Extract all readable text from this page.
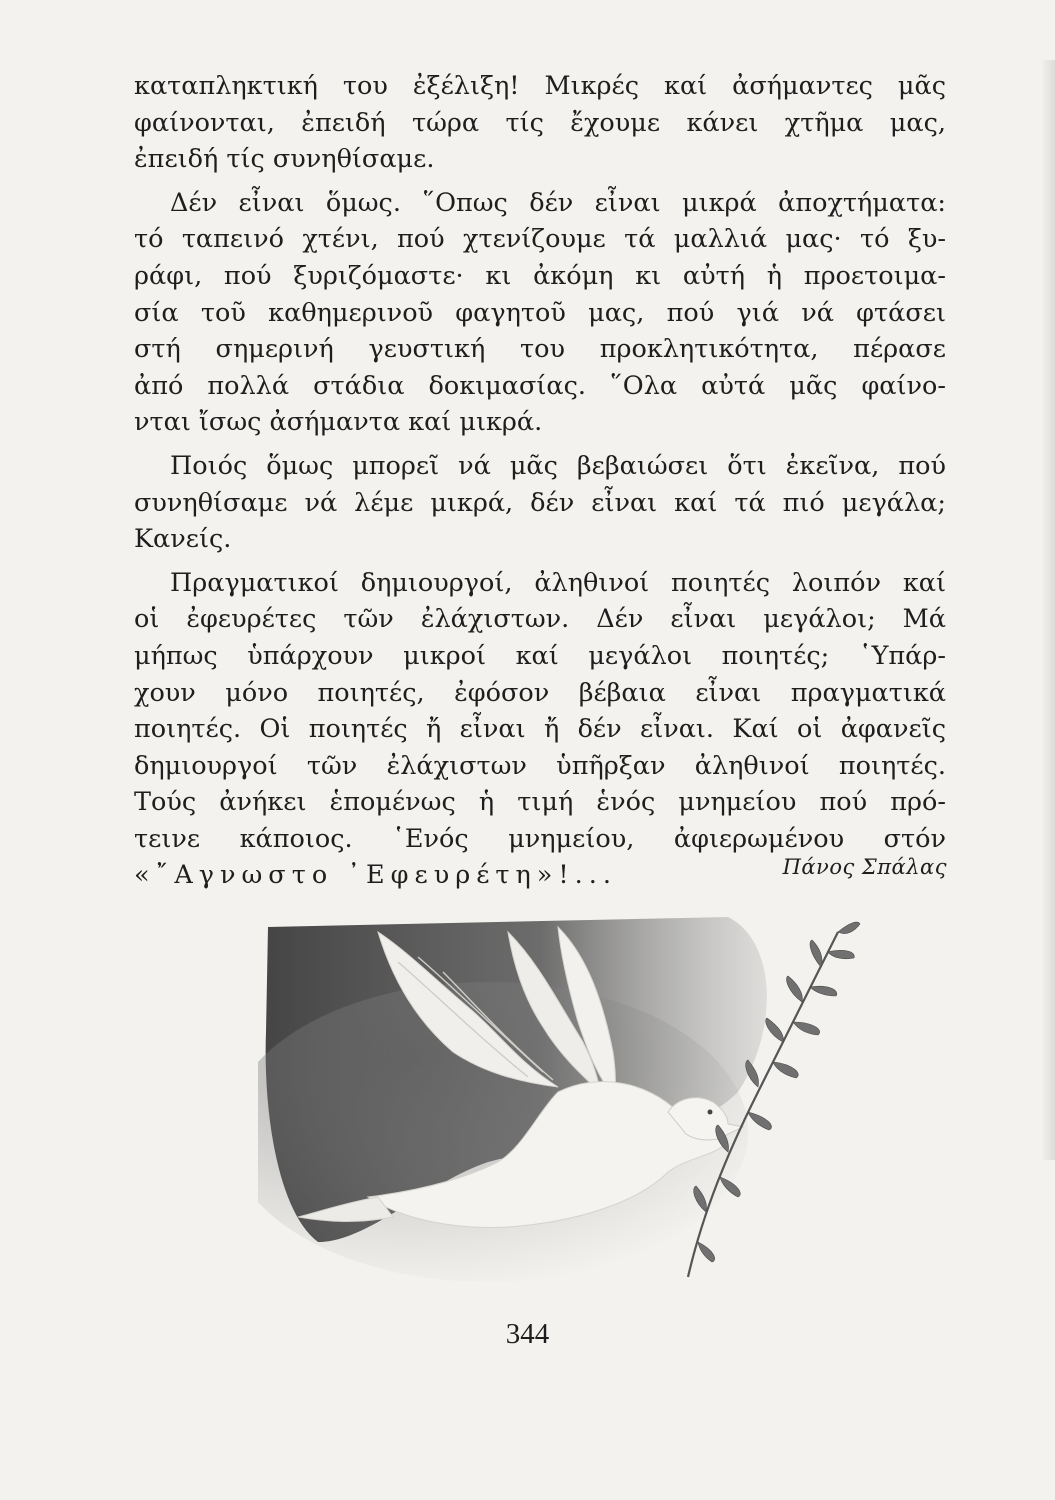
καταπληκτική του ἐξέλιξη! Μικρές καί ἀσήμαντες μᾶς
φαίνονται, ἐπειδή τώρα τίς ἔχουμε κάνει χτῆμα μας,
ἐπειδή τίς συνηθίσαμε.
Δέν εἶναι ὅμως. ῞Οπως δέν εἶναι μικρά ἀποχτήματα:
τό ταπεινό χτένι, πού χτενίζουμε τά μαλλιά μας· τό ξυ-
ράφι, πού ξυριζόμαστε· κι ἀκόμη κι αὐτή ἡ προετοιμα-
σία τοῦ καθημερινοῦ φαγητοῦ μας, πού γιά νά φτάσει
στή σημερινή γευστική του προκλητικότητα, πέρασε
ἀπό πολλά στάδια δοκιμασίας. ῞Ολα αὐτά μᾶς φαίνο-
νται ἴσως ἀσήμαντα καί μικρά.
Ποιός ὅμως μπορεῖ νά μᾶς βεβαιώσει ὅτι ἐκεῖνα, πού
συνηθίσαμε νά λέμε μικρά, δέν εἶναι καί τά πιό μεγάλα;
Κανείς.
Πραγματικοί δημιουργοί, ἀληθινοί ποιητές λοιπόν καί
οἱ ἐφευρέτες τῶν ἐλάχιστων. Δέν εἶναι μεγάλοι; Μά
μήπως ὑπάρχουν μικροί καί μεγάλοι ποιητές; ῾Υπάρ-
χουν μόνο ποιητές, ἐφόσον βέβαια εἶναι πραγματικά
ποιητές. Οἱ ποιητές ἤ εἶναι ἤ δέν εἶναι. Καί οἱ ἀφανεῖς
δημιουργοί τῶν ἐλάχιστων ὑπῆρξαν ἀληθινοί ποιητές.
Τούς ἀνήκει ἑπομένως ἡ τιμή ἑνός μνημείου πού πρό-
τεινε κάποιος. ῾Ενός μνημείου, ἀφιερωμένου στόν
«῎Αγνωστο ᾿Εφευρέτη»!...	Πάνος Σπάλας
344
